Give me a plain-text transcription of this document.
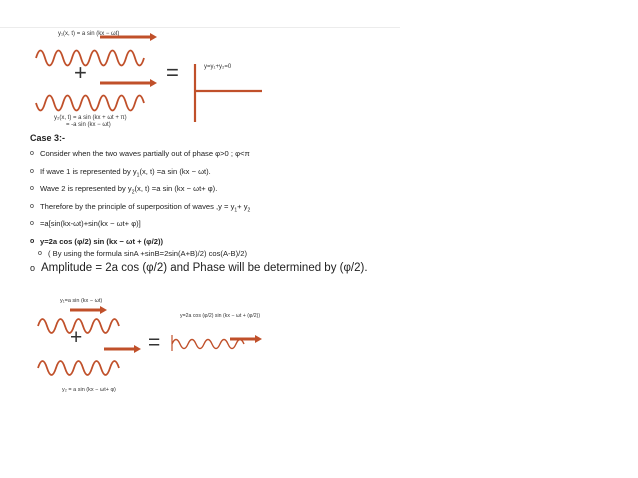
y₁(x, t) = a sin (kx − ωt)
+	=	y=y₁+y₂=0
y₂(x, t) = a sin (kx + ωt + π)
= -a sin (kx − ωt)
Case 3:-
o Consider when the two waves partially out of phase φ>0 ; φ<π
o If wave 1 is represented by $y_1(x$, t) =a sin (kx − ωt).
o Wave 2 is represented by $y_2(x$, t) =a sin (kx − ωt+ φ).
o Therefore by the principle of superposition of waves $,y = y_1+ y_2$
o =a[sin(kx-ωt)+sin(kx − ωt+ φ)]
o y=2a cos (φ/2) sin (kx − ωt + (φ/2))
o ( By using the formula sinA +sinB=2sin(A+B)/2) cos(A-B)/2)
o Amplitude = 2a cos (φ/2) and Phase will be determined by (φ/2).
y₁=a sin (kx − ωt)
+	=
y=2a cos (φ/2) sin (kx − ωt + (φ/2))
y₂ = a sin (kx − ωt+ φ)
